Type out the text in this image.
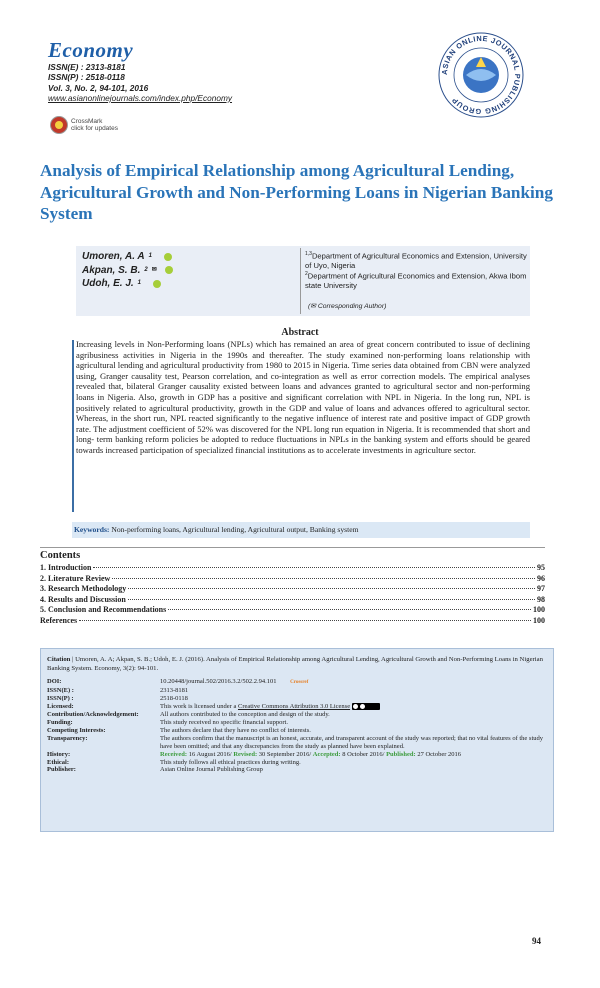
Economy
ISSN(E) : 2313-8181
ISSN(P) : 2518-0118
Vol. 3, No. 2, 94-101, 2016
www.asianonlinejournals.com/index.php/Economy
CrossMark
click for updates
ASIAN ONLINE JOURNAL PUBLISHING GROUP
Analysis of Empirical Relationship among Agricultural Lending, Agricultural Growth and Non-Performing Loans in Nigerian Banking System
Umoren, A. A 1
Akpan, S. B. 2 ✉
Udoh, E. J. 1
$^{1,3}$Department of Agricultural Economics and Extension, University of Uyo, Nigeria
$^2$Department of Agricultural Economics and Extension, Akwa Ibom state University
(✉ Corresponding Author)
Abstract
Increasing levels in Non-Performing loans (NPLs) which has remained an area of great concern contributed to issue of declining agribusiness activities in Nigeria in the 1990s and thereafter. The study examined non-performing loans relationship with agricultural lending and agricultural productivity from 1980 to 2015 in Nigeria. Time series data obtained from CBN were analyzed using, Granger causality test, Pearson correlation, and co-integration as well as error correction models. The empirical analyses revealed that, bilateral Granger causality existed between loans and advances granted to agricultural sector and non-performing loans in Nigeria. Also, growth in GDP has a positive and significant correlation with NPL in Nigeria. In the long run, NPL is positively related to agricultural productivity, growth in the GDP and value of loans and advances offered to agricultural sector. Whereas, in the short run, NPL reacted significantly to the negative influence of interest rate and positive impact of GDP growth rate. The adjustment coefficient of 52% was discovered for the NPL long run equation in Nigeria. It is recommended that short and long- term banking reform policies be adopted to reduce fluctuations in NPLs in the banking system and efforts should be geared towards increased participation of specialized financial institutions as to accelerate investments in agriculture sector.
Keywords: Non-performing loans, Agricultural lending, Agricultural output, Banking system
Contents
1. Introduction	95
2. Literature Review	96
3. Research Methodology	97
4. Results and Discussion	98
5. Conclusion and Recommendations	100
References	100
Citation | Umoren, A. A; Akpan, S. B.; Udoh, E. J. (2016). Analysis of Empirical Relationship among Agricultural Lending, Agricultural Growth and Non-Performing Loans in Nigerian Banking System. Economy, 3(2): 94-101.
DOI:	10.20448/journal.502/2016.3.2/502.2.94.101	Crossref
ISSN(E) :	2313-8181
ISSN(P) :	2518-0118
Licensed:	This work is licensed under a Creative Commons Attribution 3.0 License
Contribution/Acknowledgement:	All authors contributed to the conception and design of the study.
Funding:	This study received no specific financial support.
Competing Interests:	The authors declare that they have no conflict of interests.
Transparency:	The authors confirm that the manuscript is an honest, accurate, and transparent account of the study was reported; that no vital features of the study have been omitted; and that any discrepancies from the study as planned have been explained.
History:	Received: 16 August 2016/ Revised: 30 September 2016/ Accepted: 8 October 2016/ Published: 27 October 2016
Ethical:	This study follows all ethical practices during writing.
Publisher:	Asian Online Journal Publishing Group
94
